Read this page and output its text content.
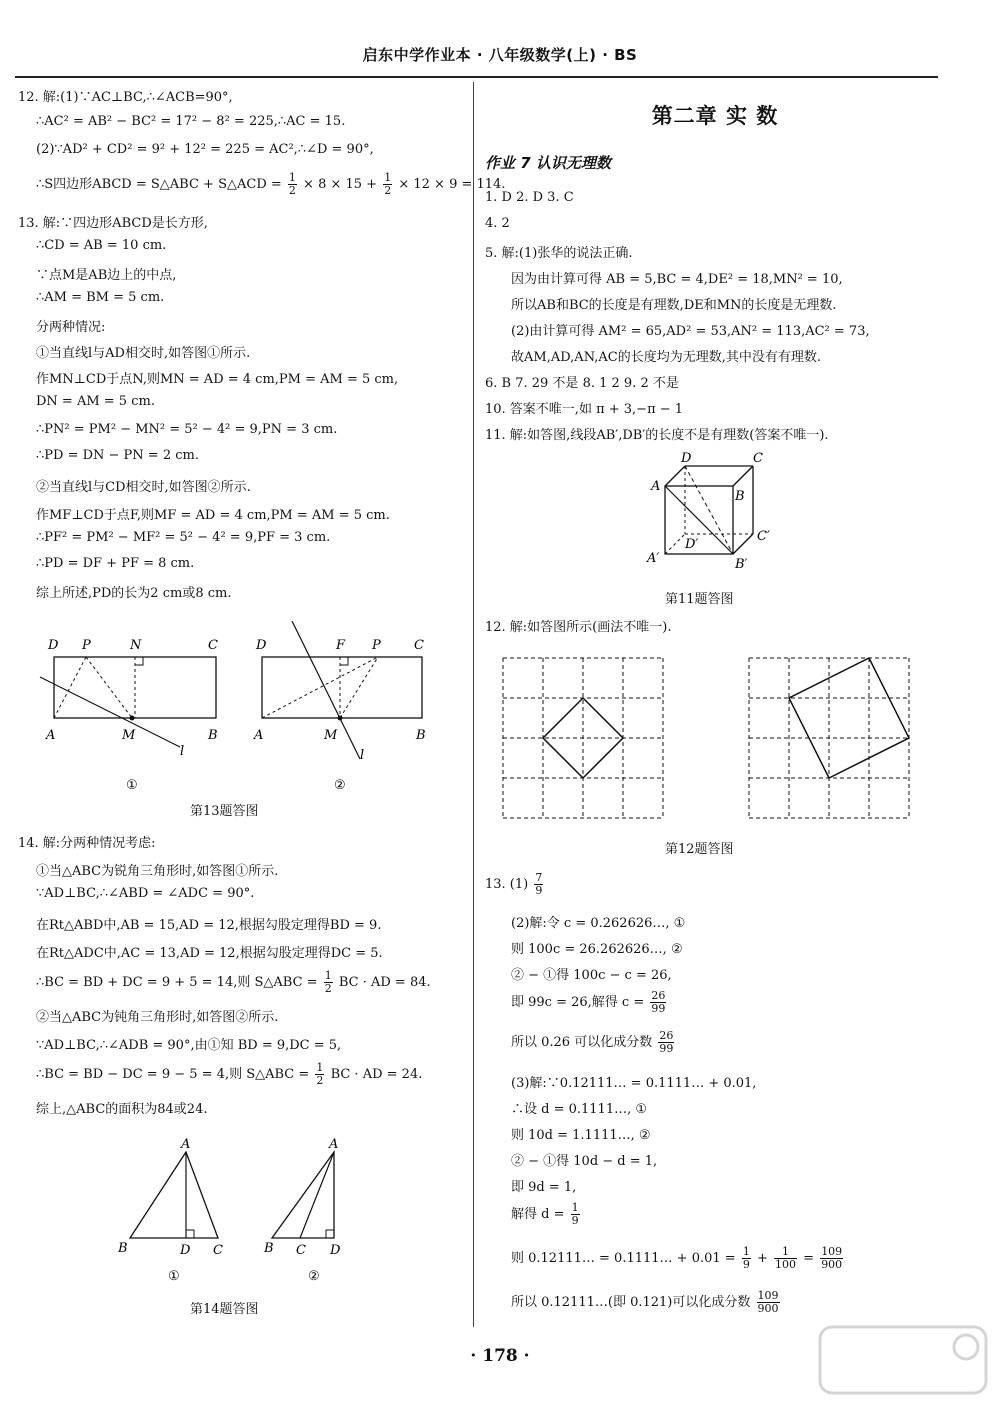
启东中学作业本 · 八年级数学(上) · BS
12. 解:(1)∵AC⊥BC,∴∠ACB=90°,
∴AC² = AB² − BC² = 17² − 8² = 225,∴AC = 15.
(2)∵AD² + CD² = 9² + 12² = 225 = AC²,∴∠D = 90°,
∴S四边形ABCD = S△ABC + S△ACD = $\frac{1}{2} \times 8 \times 15 + \frac{1}{2} \times 12 \times 9 = 114$.
13. 解:∵四边形ABCD是长方形,
∴CD = AB = 10 cm.
∵点M是AB边上的中点,
∴AM = BM = 5 cm.
分两种情况:
①当直线l与AD相交时,如答图①所示.
作MN⊥CD于点N,则MN = AD = 4 cm,PM = AM = 5 cm,
DN = AM = 5 cm.
∴PN² = PM² − MN² = 5² − 4² = 9,PN = 3 cm.
∴PD = DN − PN = 2 cm.
②当直线l与CD相交时,如答图②所示.
作MF⊥CD于点F,则MF = AD = 4 cm,PM = AM = 5 cm.
∴PF² = PM² − MF² = 5² − 4² = 9,PF = 3 cm.
∴PD = DF + PF = 8 cm.
综上所述,PD的长为2 cm或8 cm.
D P	N	C
A	M	B
l
①
D	F P	C
A	M	B
l
②
第13题答图
14. 解:分两种情况考虑:
①当△ABC为锐角三角形时,如答图①所示.
∵AD⊥BC,∴∠ABD = ∠ADC = 90°.
在Rt△ABD中,AB = 15,AD = 12,根据勾股定理得BD = 9.
在Rt△ADC中,AC = 13,AD = 12,根据勾股定理得DC = 5.
∴BC = BD + DC = 9 + 5 = 14,则 S△ABC = $\frac{1}{2}$ BC · AD = 84.
②当△ABC为钝角三角形时,如答图②所示.
∵AD⊥BC,∴∠ADB = 90°,由①知 BD = 9,DC = 5,
∴BC = BD − DC = 9 − 5 = 4,则 S△ABC = $\frac{1}{2}$ BC · AD = 24.
综上,△ABC的面积为84或24.
A
B	D C
①
A
B C D
②
第14题答图
第二章 实 数
作业 7 认识无理数
1. D 2. D 3. C
4. 2
5. 解:(1)张华的说法正确.
因为由计算可得 AB = 5,BC = 4,DE² = 18,MN² = 10,
所以AB和BC的长度是有理数,DE和MN的长度是无理数.
(2)由计算可得 AM² = 65,AD² = 53,AN² = 113,AC² = 73,
故AM,AD,AN,AC的长度均为无理数,其中没有有理数.
6. B 7. 29 不是 8. 1 2 9. 2 不是
10. 答案不唯一,如 π + 3,−π − 1
11. 解:如答图,线段AB′,DB′的长度不是有理数(答案不唯一).
D	C
A
B
C′
D′
A′	B′
第11题答图
12. 解:如答图所示(画法不唯一).
第12题答图
13. $(1) \frac{7}{9}$
(2)解:令 c = 0.262626…, ①
则 100c = 26.262626…, ②
② − ①得 100c − c = 26,
即 99c = 26,解得 $c = \frac{26}{99}$
所以 0.26 可以化成分数 $\frac{26}{99}$
(3)解:∵0.12111… = 0.1111… + 0.01,
∴设 d = 0.1111…, ①
则 10d = 1.1111…, ②
② − ①得 10d − d = 1,
即 9d = 1,
解得 $d = \frac{1}{9}$
则 0.12111… = 0.1111… + $0.01 = \frac{1}{9} + \frac{1}{100} = \frac{109}{900}$
所以 0.12111…(即 0.121)可以化成分数 $\frac{109}{900}$
· 178 ·
